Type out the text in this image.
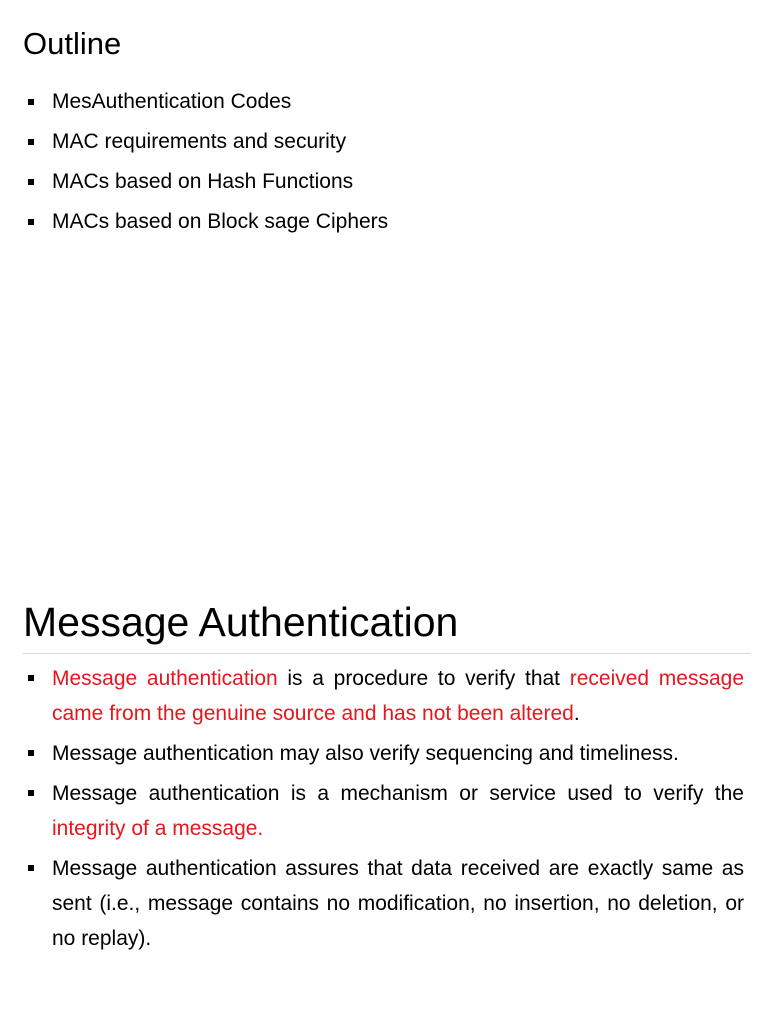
Outline
MesAuthentication Codes
MAC requirements and security
MACs based on Hash Functions
MACs based on Block sage Ciphers
Message Authentication
Message authentication is a procedure to verify that received message came from the genuine source and has not been altered.
Message authentication may also verify sequencing and timeliness.
Message authentication is a mechanism or service used to verify the integrity of a message.
Message authentication assures that data received are exactly same as sent (i.e., message contains no modification, no insertion, no deletion, or no replay).
